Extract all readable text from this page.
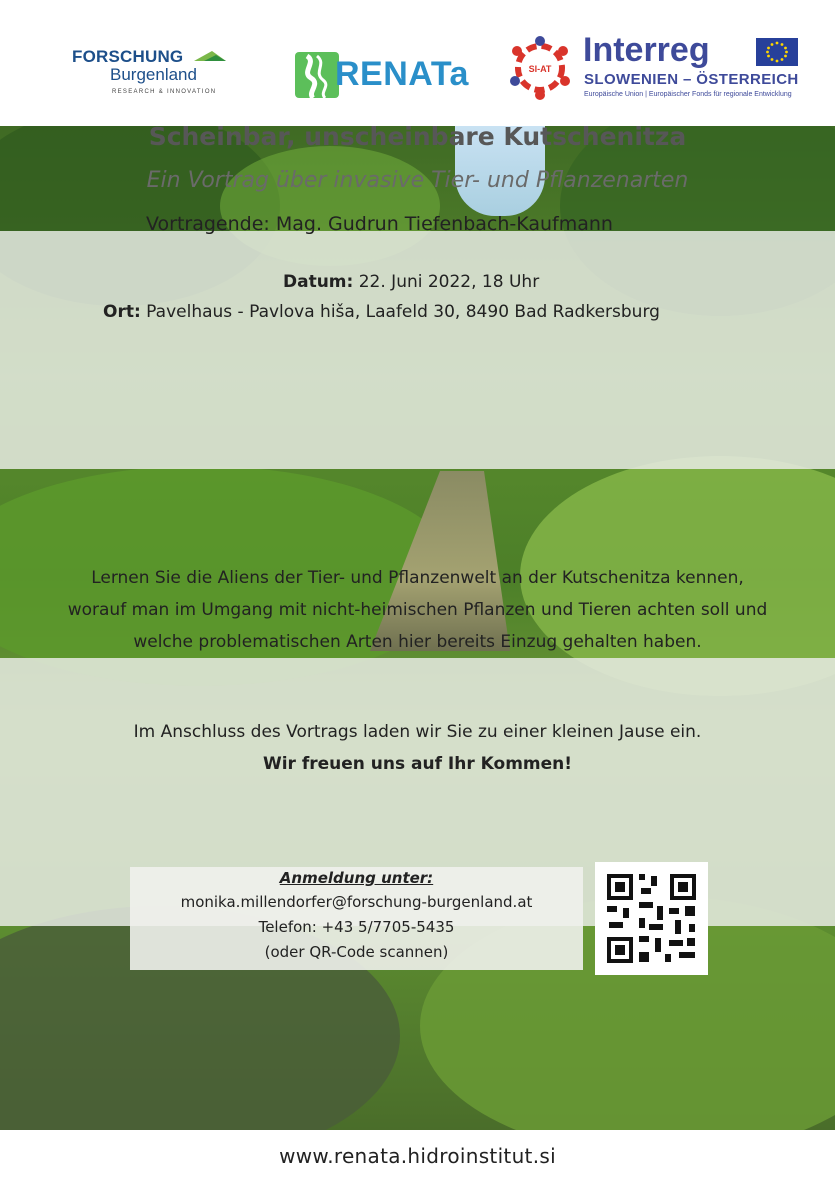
FORSCHUNG
Burgenland
RESEARCH & INNOVATION	RENATa	SI-AT Interreg
SLOWENIEN – ÖSTERREICH
Europäische Union | Europäischer Fonds für regionale Entwicklung
Scheinbar, unscheinbare Kutschenitza
Ein Vortrag über invasive Tier- und Pflanzenarten
Vortragende: Mag. Gudrun Tiefenbach-Kaufmann
Datum: 22. Juni 2022, 18 Uhr
Ort: Pavelhaus - Pavlova hiša, Laafeld 30, 8490 Bad Radkersburg
Lernen Sie die Aliens der Tier- und Pflanzenwelt an der Kutschenitza kennen, worauf man im Umgang mit nicht-heimischen Pflanzen und Tieren achten soll und welche problematischen Arten hier bereits Einzug gehalten haben.
Im Anschluss des Vortrags laden wir Sie zu einer kleinen Jause ein.
Wir freuen uns auf Ihr Kommen!
Anmeldung unter:
monika.millendorfer@forschung-burgenland.at
Telefon: +43 5/7705-5435
(oder QR-Code scannen)
www.renata.hidroinstitut.si
